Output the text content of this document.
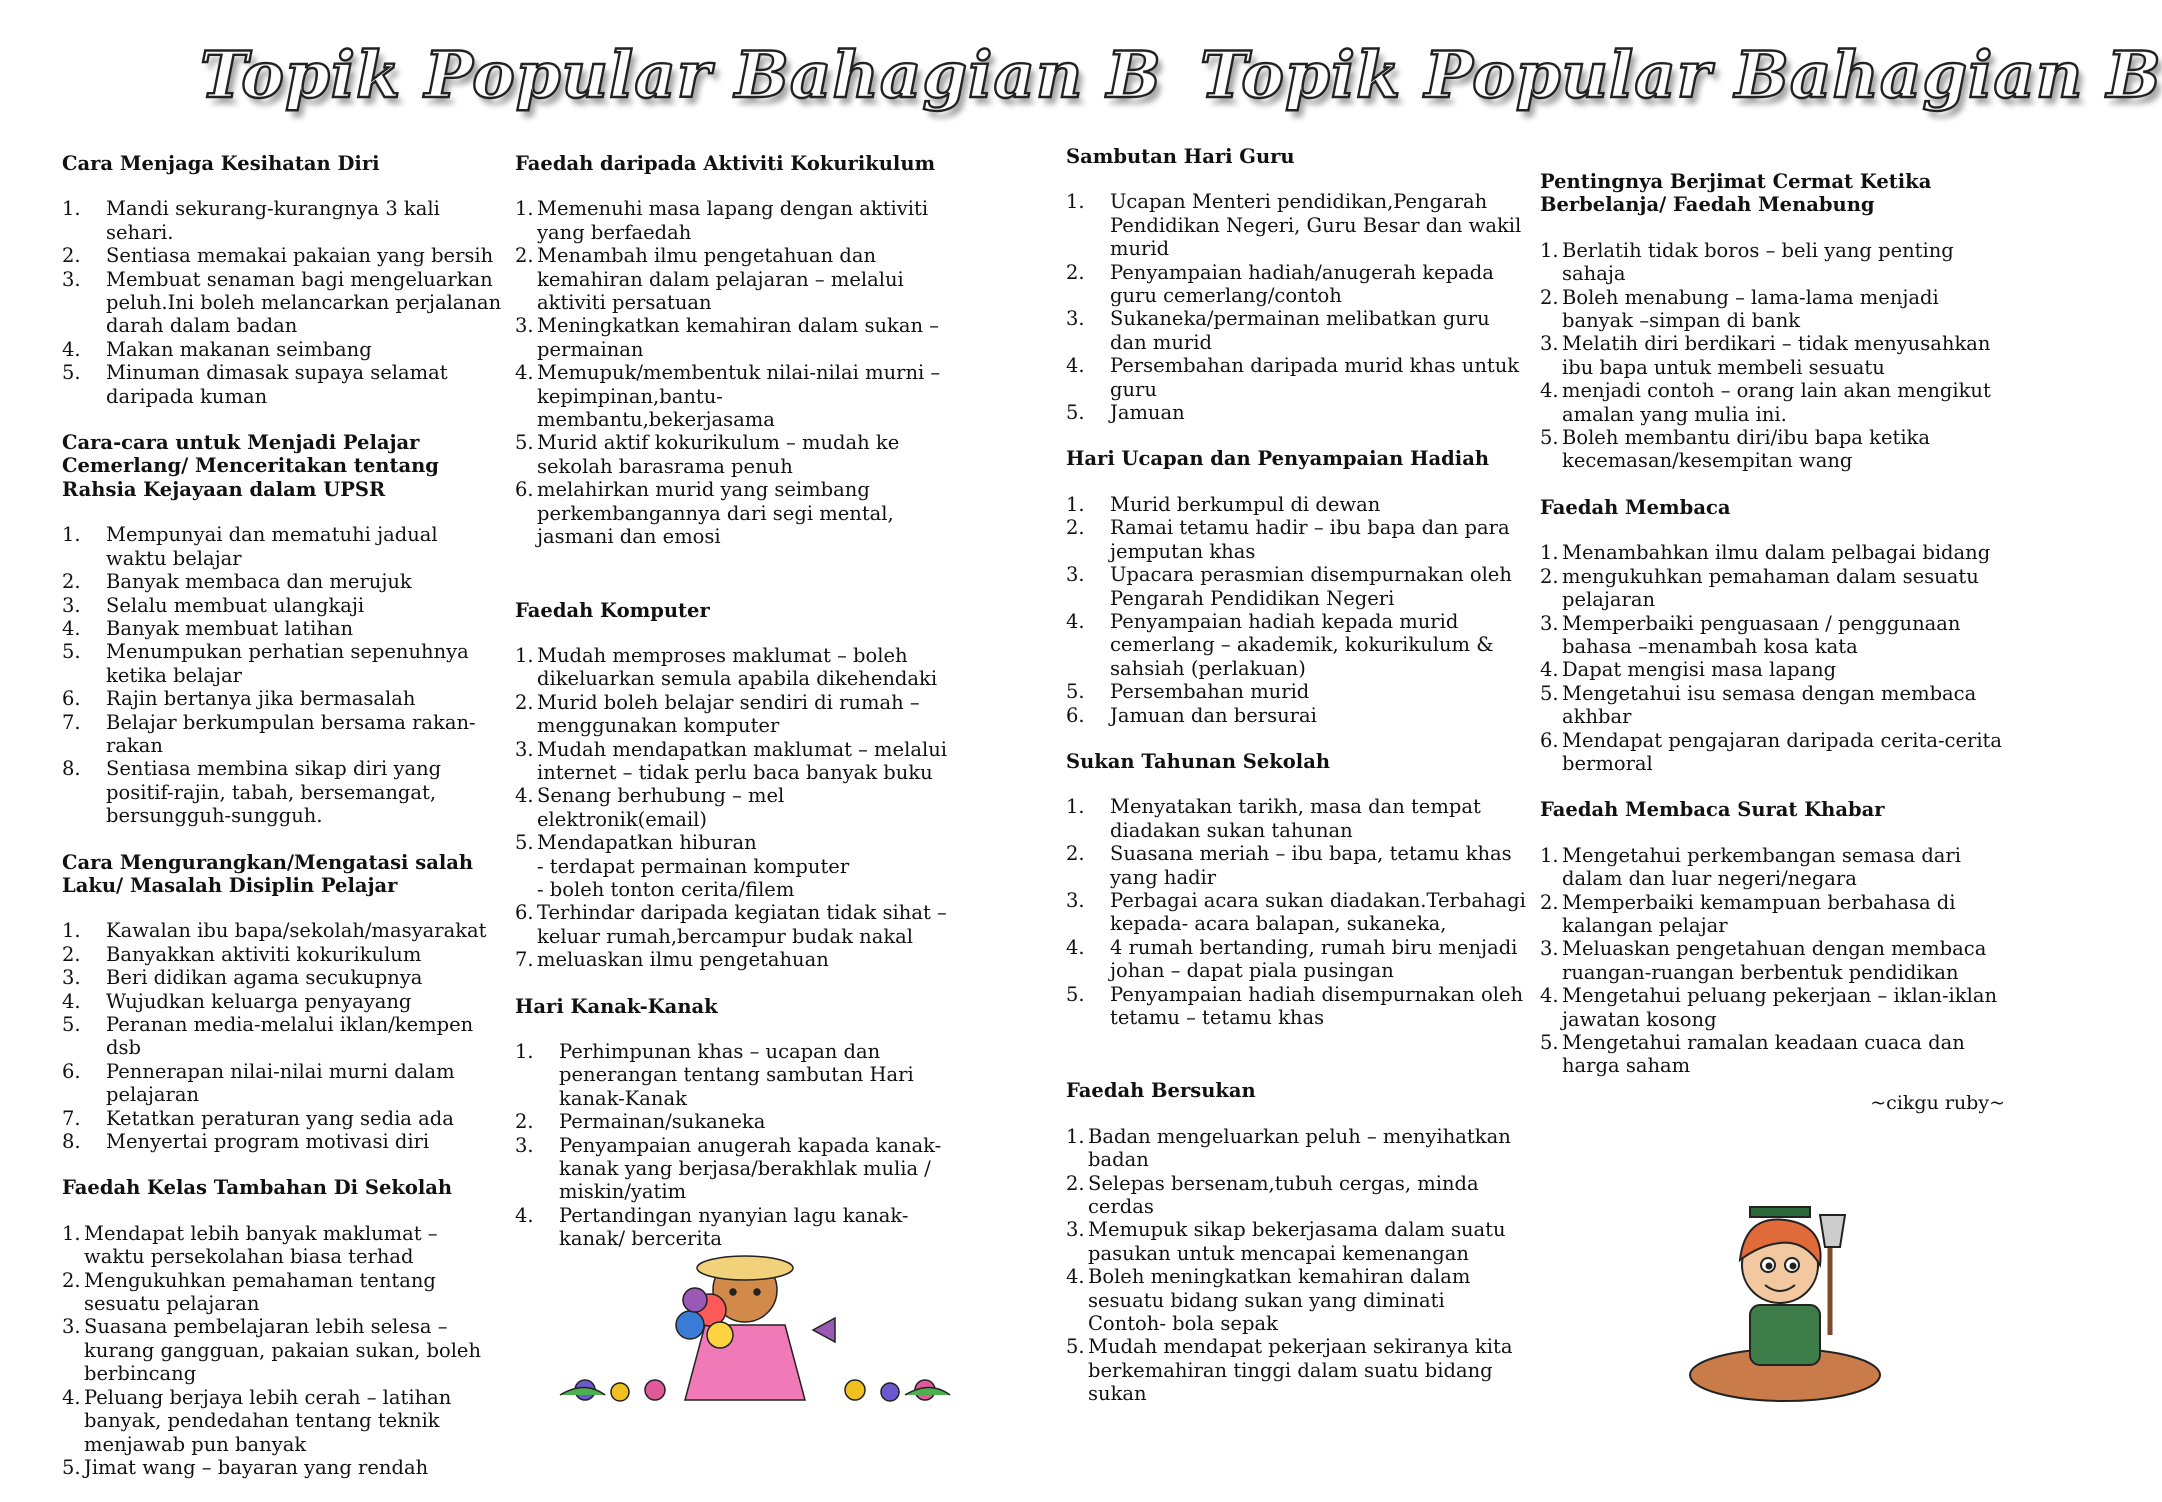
Topik Popular Bahagian B Topik Popular Bahagian B
Cara Menjaga Kesihatan Diri
1.	Mandi sekurang-kurangnya 3 kali sehari.
2.	Sentiasa memakai pakaian yang bersih
3.	Membuat senaman bagi mengeluarkan peluh.Ini boleh melancarkan perjalanan darah dalam badan
4.	Makan makanan seimbang
5.	Minuman dimasak supaya selamat daripada kuman
Cara-cara untuk Menjadi Pelajar Cemerlang/ Menceritakan tentang Rahsia Kejayaan dalam UPSR
1.	Mempunyai dan mematuhi jadual waktu belajar
2.	Banyak membaca dan merujuk
3.	Selalu membuat ulangkaji
4.	Banyak membuat latihan
5.	Menumpukan perhatian sepenuhnya ketika belajar
6.	Rajin bertanya jika bermasalah
7.	Belajar berkumpulan bersama rakan-rakan
8.	Sentiasa membina sikap diri yang positif-rajin, tabah, bersemangat, bersungguh-sungguh.
Cara Mengurangkan/Mengatasi salah Laku/ Masalah Disiplin Pelajar
1.	Kawalan ibu bapa/sekolah/masyarakat
2.	Banyakkan aktiviti kokurikulum
3.	Beri didikan agama secukupnya
4.	Wujudkan keluarga penyayang
5.	Peranan media-melalui iklan/kempen dsb
6.	Pennerapan nilai-nilai murni dalam pelajaran
7.	Ketatkan peraturan yang sedia ada
8.	Menyertai program motivasi diri
Faedah Kelas Tambahan Di Sekolah
1. Mendapat lebih banyak maklumat – waktu persekolahan biasa terhad
2. Mengukuhkan pemahaman tentang sesuatu pelajaran
3. Suasana pembelajaran lebih selesa – kurang gangguan, pakaian sukan, boleh berbincang
4. Peluang berjaya lebih cerah – latihan banyak, pendedahan tentang teknik menjawab pun banyak
5. Jimat wang – bayaran yang rendah
Faedah daripada Aktiviti Kokurikulum
1. Memenuhi masa lapang dengan aktiviti yang berfaedah
2. Menambah ilmu pengetahuan dan kemahiran dalam pelajaran – melalui aktiviti persatuan
3. Meningkatkan kemahiran dalam sukan – permainan
4. Memupuk/membentuk nilai-nilai murni – kepimpinan,bantu-membantu,bekerjasama
5. Murid aktif kokurikulum – mudah ke sekolah barasrama penuh
6. melahirkan murid yang seimbang perkembangannya dari segi mental, jasmani dan emosi
Faedah Komputer
1. Mudah memproses maklumat – boleh dikeluarkan semula apabila dikehendaki
2. Murid boleh belajar sendiri di rumah – menggunakan komputer
3. Mudah mendapatkan maklumat – melalui internet – tidak perlu baca banyak buku
4. Senang berhubung – mel elektronik(email)
5. Mendapatkan hiburan
- terdapat permainan komputer
- boleh tonton cerita/filem
6. Terhindar daripada kegiatan tidak sihat – keluar rumah,bercampur budak nakal
7. meluaskan ilmu pengetahuan
Hari Kanak-Kanak
1.	Perhimpunan khas – ucapan dan penerangan tentang sambutan Hari kanak-Kanak
2.	Permainan/sukaneka
3.	Penyampaian anugerah kapada kanak-kanak yang berjasa/berakhlak mulia / miskin/yatim
4.	Pertandingan nyanyian lagu kanak-kanak/ bercerita
Sambutan Hari Guru
1.	Ucapan Menteri pendidikan,Pengarah Pendidikan Negeri, Guru Besar dan wakil murid
2.	Penyampaian hadiah/anugerah kepada guru cemerlang/contoh
3.	Sukaneka/permainan melibatkan guru dan murid
4.	Persembahan daripada murid khas untuk guru
5.	Jamuan
Hari Ucapan dan Penyampaian Hadiah
1.	Murid berkumpul di dewan
2.	Ramai tetamu hadir – ibu bapa dan para jemputan khas
3.	Upacara perasmian disempurnakan oleh Pengarah Pendidikan Negeri
4.	Penyampaian hadiah kepada murid cemerlang – akademik, kokurikulum & sahsiah (perlakuan)
5.	Persembahan murid
6.	Jamuan dan bersurai
Sukan Tahunan Sekolah
1.	Menyatakan tarikh, masa dan tempat diadakan sukan tahunan
2.	Suasana meriah – ibu bapa, tetamu khas yang hadir
3.	Perbagai acara sukan diadakan.Terbahagi kepada- acara balapan, sukaneka,
4.	4 rumah bertanding, rumah biru menjadi johan – dapat piala pusingan
5.	Penyampaian hadiah disempurnakan oleh tetamu – tetamu khas
Faedah Bersukan
1. Badan mengeluarkan peluh – menyihatkan badan
2. Selepas bersenam,tubuh cergas, minda cerdas
3. Memupuk sikap bekerjasama dalam suatu pasukan untuk mencapai kemenangan
4. Boleh meningkatkan kemahiran dalam sesuatu bidang sukan yang diminati Contoh- bola sepak
5. Mudah mendapat pekerjaan sekiranya kita berkemahiran tinggi dalam suatu bidang sukan
Pentingnya Berjimat Cermat Ketika Berbelanja/ Faedah Menabung
1. Berlatih tidak boros – beli yang penting sahaja
2. Boleh menabung – lama-lama menjadi banyak –simpan di bank
3. Melatih diri berdikari – tidak menyusahkan ibu bapa untuk membeli sesuatu
4. menjadi contoh – orang lain akan mengikut amalan yang mulia ini.
5. Boleh membantu diri/ibu bapa ketika kecemasan/kesempitan wang
Faedah Membaca
1. Menambahkan ilmu dalam pelbagai bidang
2. mengukuhkan pemahaman dalam sesuatu pelajaran
3. Memperbaiki penguasaan / penggunaan bahasa –menambah kosa kata
4. Dapat mengisi masa lapang
5. Mengetahui isu semasa dengan membaca akhbar
6. Mendapat pengajaran daripada cerita-cerita bermoral
Faedah Membaca Surat Khabar
1. Mengetahui perkembangan semasa dari dalam dan luar negeri/negara
2. Memperbaiki kemampuan berbahasa di kalangan pelajar
3. Meluaskan pengetahuan dengan membaca ruangan-ruangan berbentuk pendidikan
4. Mengetahui peluang pekerjaan – iklan-iklan jawatan kosong
5. Mengetahui ramalan keadaan cuaca dan harga saham
~cikgu ruby~
